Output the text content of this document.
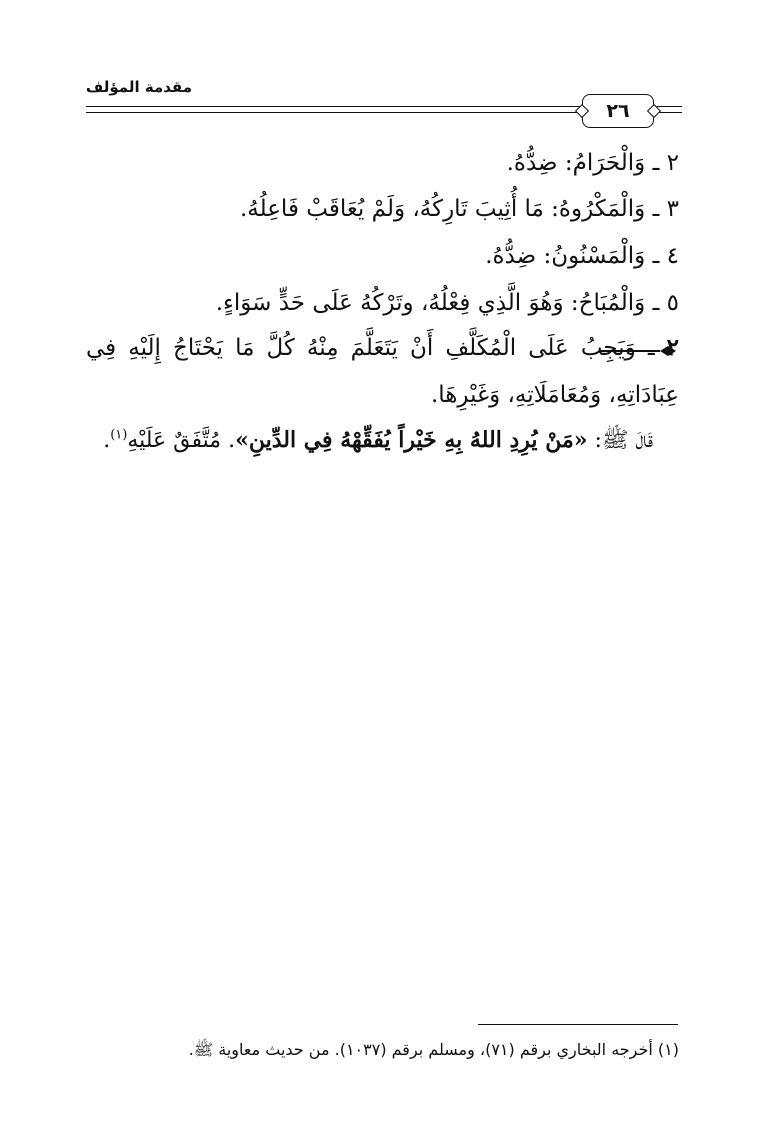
مقدمة المؤلف
٢٦
٢ ـ وَالْحَرَامُ: ضِدُّهُ.
٣ ـ وَالْمَكْرُوهُ: مَا أُثِيبَ تَارِكُهُ، وَلَمْ يُعَاقَبْ فَاعِلُهُ.
٤ ـ وَالْمَسْنُونُ: ضِدُّهُ.
٥ ـ وَالْمُبَاحُ: وَهُوَ الَّذِي فِعْلُهُ، وتَرْكُهُ عَلَى حَدٍّ سَوَاءٍ.
٢ ـ وَيَجِبُ عَلَى الْمُكَلَّفِ أَنْ يَتَعَلَّمَ مِنْهُ كُلَّ مَا يَحْتَاجُ إِلَيْهِ فِي
عِبَادَاتِهِ، وَمُعَامَلَاتِهِ، وَغَيْرِهَا.
قَالَ ﷺ: «مَنْ يُرِدِ اللهُ بِهِ خَيْراً يُفَقِّهْهُ فِي الدِّينِ». مُتَّفَقٌ عَلَيْهِ$^{(١)}$.
(١) أخرجه البخاري برقم (٧١)، ومسلم برقم (١٠٣٧). من حديث معاوية ﷺ.
